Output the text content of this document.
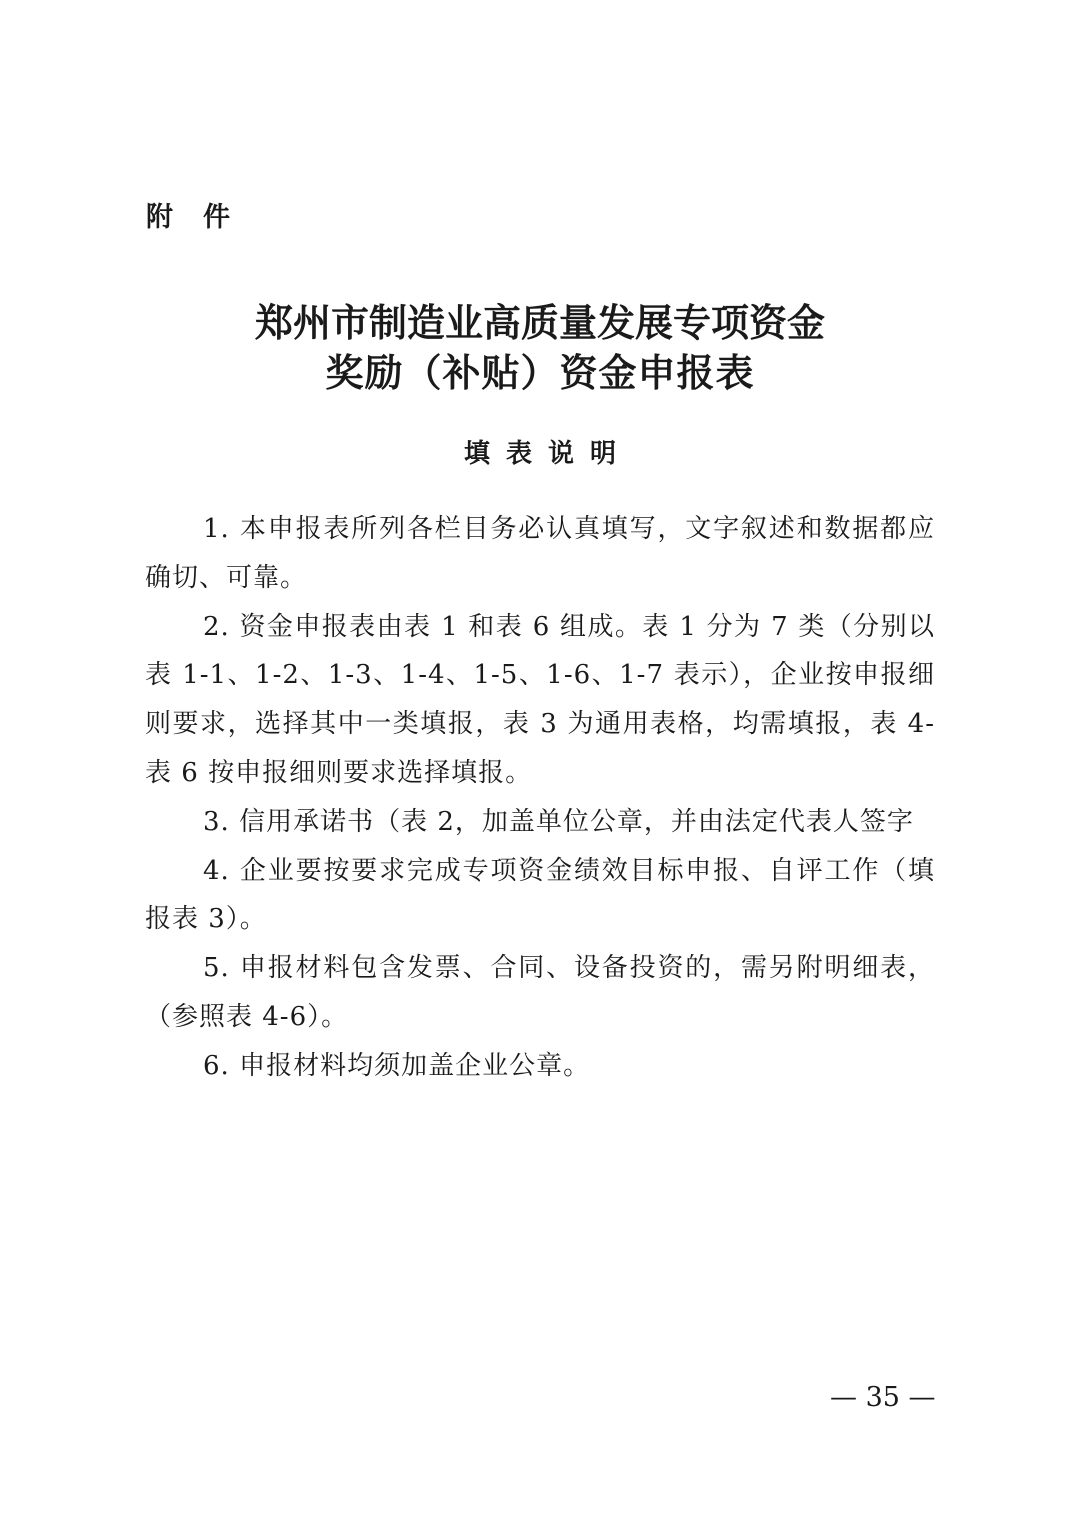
附件
郑州市制造业高质量发展专项资金
奖励（补贴）资金申报表
填表说明

1. 本申报表所列各栏目务必认真填写，文字叙述和数据都应确切、可靠。

2. 资金申报表由表 1 和表 6 组成。表 1 分为 7 类（分别以表 1-1、1-2、1-3、1-4、1-5、1-6、1-7 表示），企业按申报细则要求，选择其中一类填报，表 3 为通用表格，均需填报，表 4-表 6 按申报细则要求选择填报。

3. 信用承诺书（表 2，加盖单位公章，并由法定代表人签字

4. 企业要按要求完成专项资金绩效目标申报、自评工作（填报表 3）。

5. 申报材料包含发票、合同、设备投资的，需另附明细表，（参照表 4-6）。

6. 申报材料均须加盖企业公章。

— 35 —
